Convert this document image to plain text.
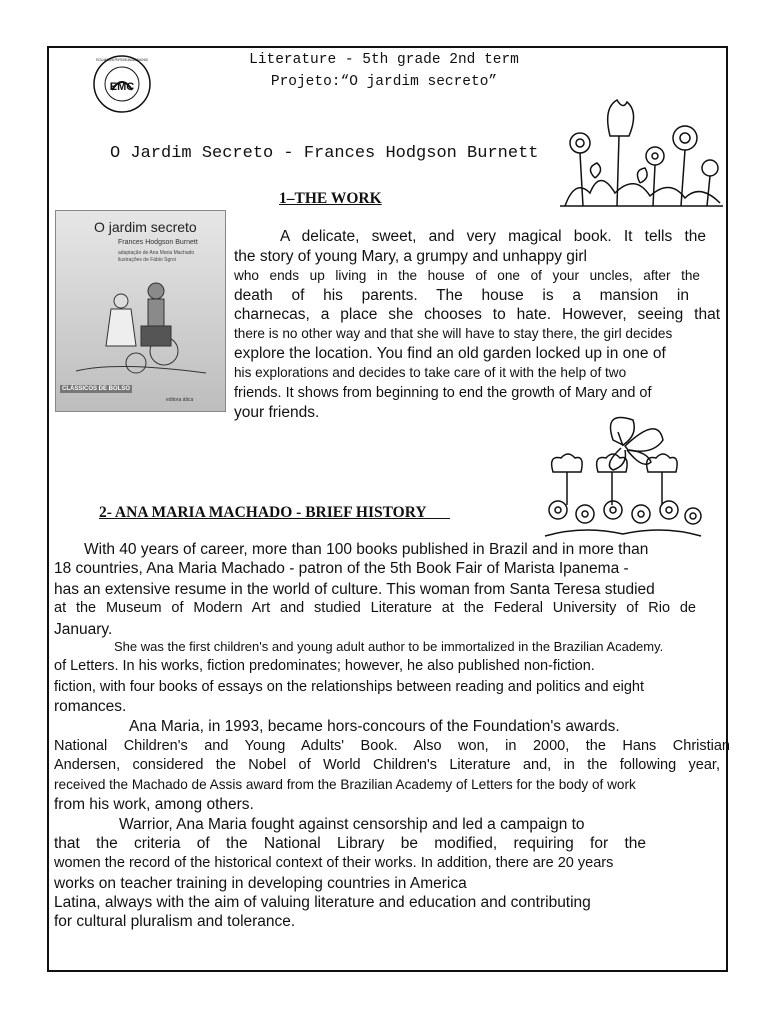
EMC
ESCOLA MUNICIPAL PROFESSORA ANA MARIA MACHADO	Literature - 5th grade 2nd term
Projeto:“O jardim secreto”
O Jardim Secreto - Frances Hodgson Burnett
1–THE WORK
O jardim secreto
Frances Hodgson Burnett
adaptação de Ana Maria Machado
ilustrações de Fábio Sgroi
CLÁSSICOS DE BOLSO
editora ática
A delicate, sweet, and very magical book. It tells the
the story of young Mary, a grumpy and unhappy girl
who ends up living in the house of one of your uncles, after the
death of his parents. The house is a mansion in
charnecas, a place she chooses to hate. However, seeing that
there is no other way and that she will have to stay there, the girl decides
explore the location. You find an old garden locked up in one of
his explorations and decides to take care of it with the help of two
friends. It shows from beginning to end the growth of Mary and of
your friends.
2- ANA MARIA MACHADO - BRIEF HISTORY
With 40 years of career, more than 100 books published in Brazil and in more than
18 countries, Ana Maria Machado - patron of the 5th Book Fair of Marista Ipanema -
has an extensive resume in the world of culture. This woman from Santa Teresa studied
at the Museum of Modern Art and studied Literature at the Federal University of Rio de
January.
She was the first children's and young adult author to be immortalized in the Brazilian Academy.
of Letters. In his works, fiction predominates; however, he also published non-fiction.
fiction, with four books of essays on the relationships between reading and politics and eight
romances.
Ana Maria, in 1993, became hors-concours of the Foundation's awards.
National Children's and Young Adults' Book. Also won, in 2000, the Hans Christian
Andersen, considered the Nobel of World Children's Literature and, in the following year,
received the Machado de Assis award from the Brazilian Academy of Letters for the body of work
from his work, among others.
Warrior, Ana Maria fought against censorship and led a campaign to
that the criteria of the National Library be modified, requiring for the
women the record of the historical context of their works. In addition, there are 20 years
works on teacher training in developing countries in America
Latina, always with the aim of valuing literature and education and contributing
for cultural pluralism and tolerance.
